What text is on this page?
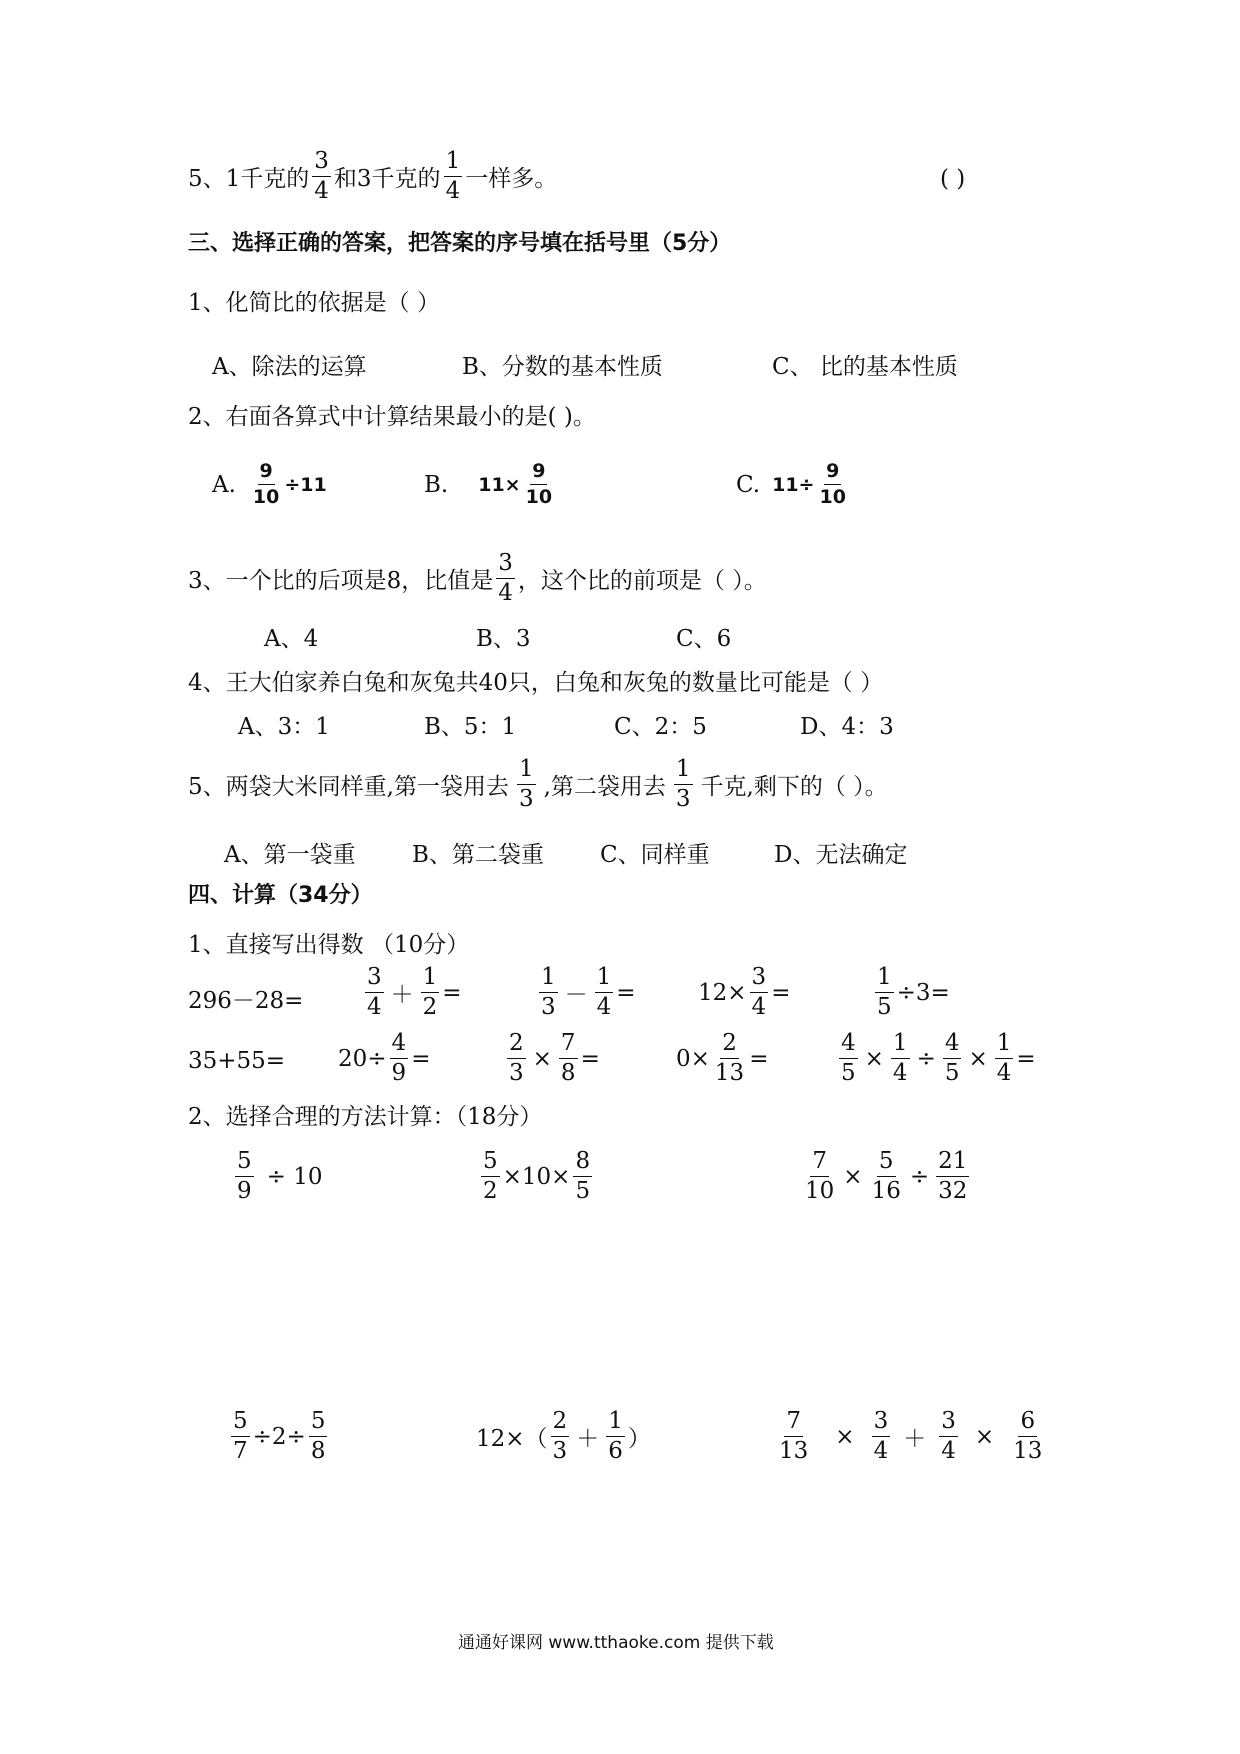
5、1千克的 $\frac{3}{4}$ 和3千克的 $\frac{1}{4}$ 一样多。	( )
三、选择正确的答案，把答案的序号填在括号里（5分）
1、化简比的依据是（ ）
A、除法的运算	B、分数的基本性质	C、 比的基本性质
2、右面各算式中计算结果最小的是( )。
A. $\frac{9}{10} \div 11$	B. $11\times \frac{9}{10}$	C. $11\div \frac{9}{10}$
3、一个比的后项是8，比值是 $\frac{3}{4}$ ，这个比的前项是（ ）。
A、4	B、3	C、6
4、王大伯家养白兔和灰兔共40只，白兔和灰兔的数量比可能是（ ）
A、3：1	B、5：1	C、2：5	D、4：3
5、两袋大米同样重,第一袋用去 $\frac{1}{3}$ ,第二袋用去 $\frac{1}{3}$ 千克,剩下的（ ）。
A、第一袋重 B、第二袋重 C、同样重	D、无法确定
四、计算（34分）
1、直接写出得数 （10分）
296－28=	$\frac{3}{4} + \frac{1}{2}$ =	$\frac{1}{3} - \frac{1}{4}$ =	$12\times \frac{3}{4}$ =	$\frac{1}{5} \div 3=$
$35+55= 20\div \frac{4}{9}$ =	$\frac{2}{3} \times \frac{7}{8}$ =	$0\times \frac{2}{13}$ =	$\frac{4}{5} \times \frac{1}{4} \div \frac{4}{5} \times \frac{1}{4}$ =
2、选择合理的方法计算：（18分）
$\frac{5}{9} \div 10$	$\frac{5}{2} \times 10\times \frac{8}{5}$	$\frac{7}{10} \times \frac{5}{16} \div \frac{21}{32}$
$\frac{5}{7} \div 2\div \frac{5}{8}$	$12\times( \frac{2}{3} + \frac{1}{6}$ ）	$\frac{7}{13} \times \frac{3}{4} + \frac{3}{4} \times \frac{6}{13}$
通通好课网 www.tthaoke.com 提供下载
